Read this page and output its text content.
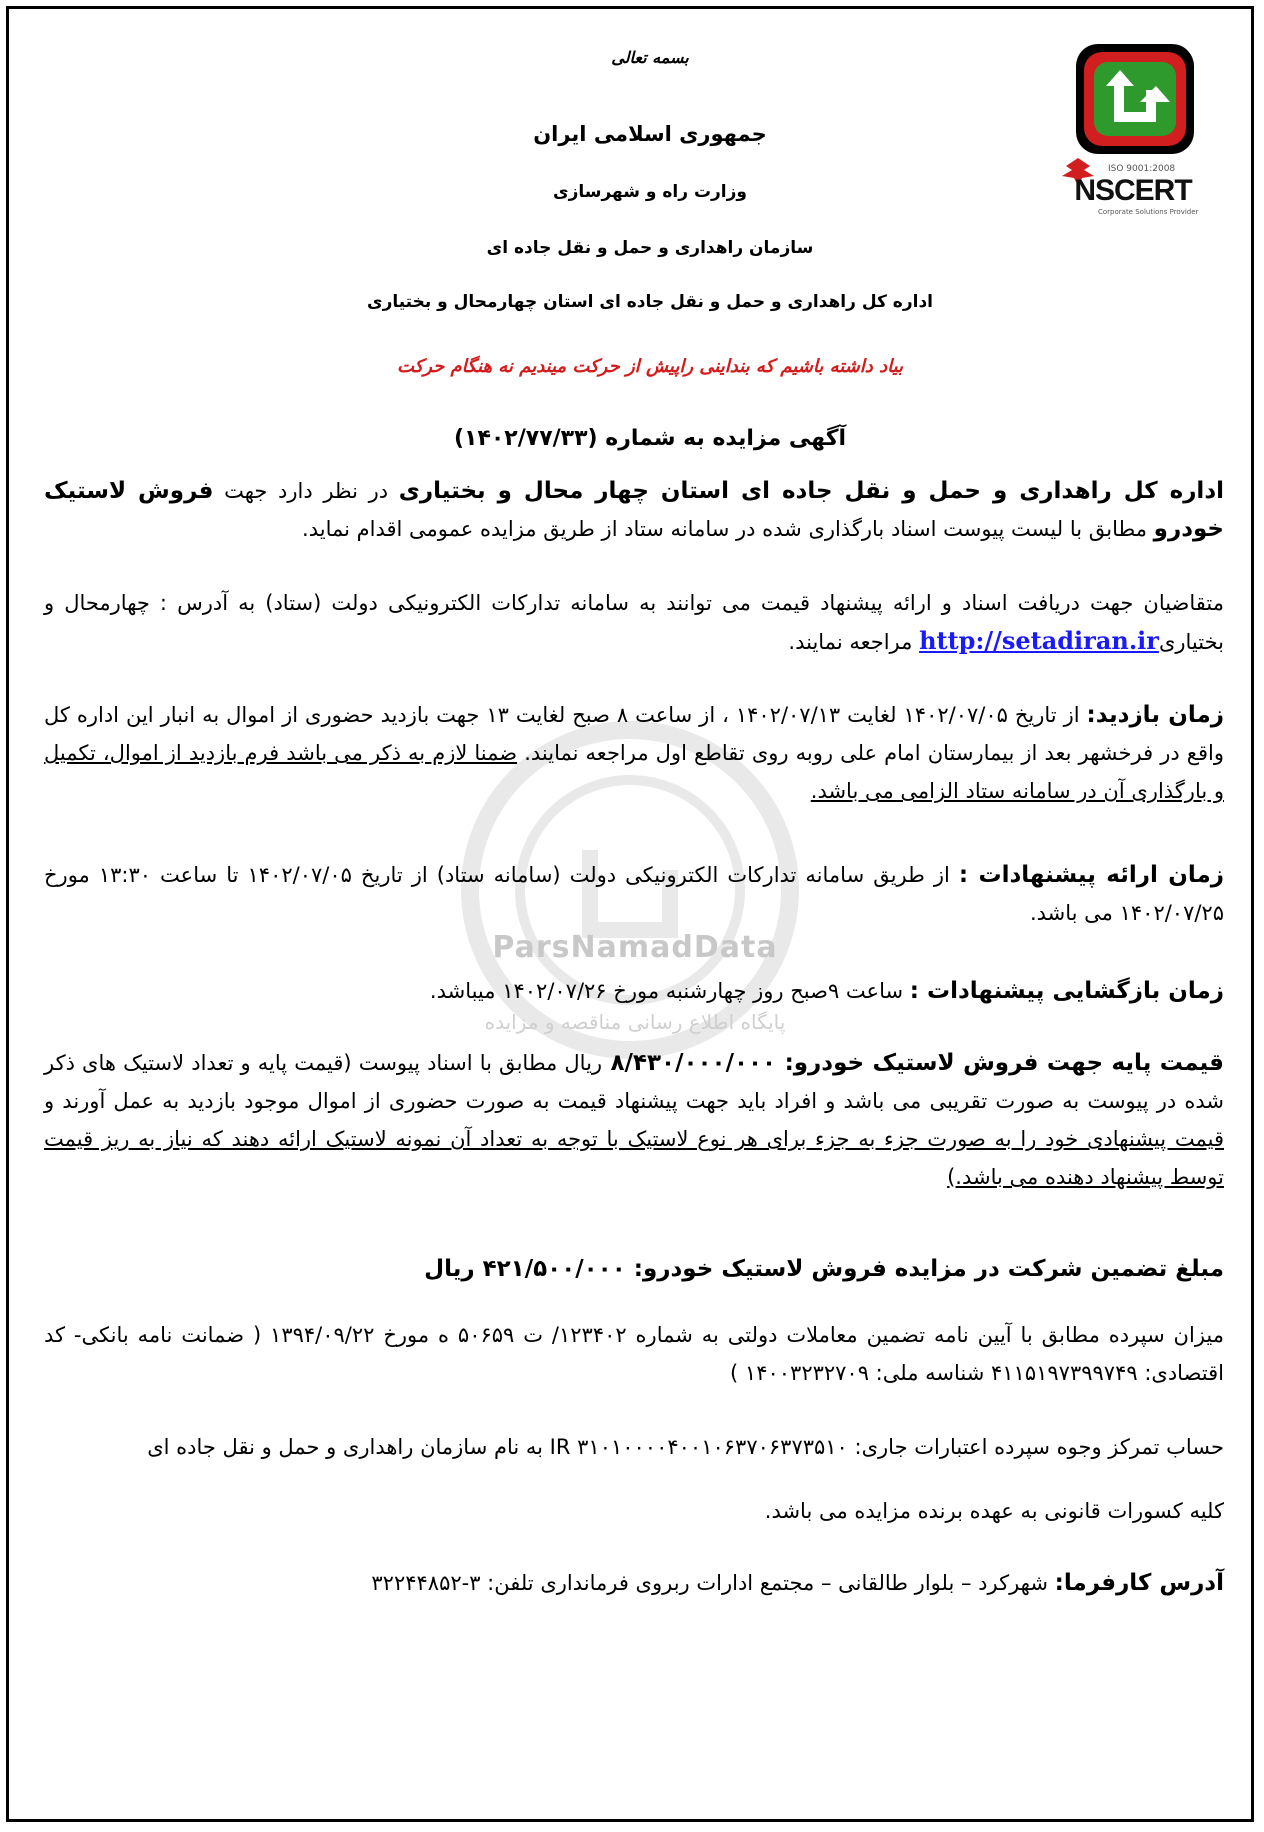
ISO 9001:2008
NSCERT
Corporate Solutions Provider
ParsNamadData
پایگاه اطلاع رسانی مناقصه و مزایده
بسمه تعالی
جمهوری اسلامی ایران
وزارت راه و شهرسازی
سازمان راهداری و حمل و نقل جاده ای
اداره کل راهداری و حمل و نقل جاده ای استان چهارمحال و بختیاری
بیاد داشته باشیم که بنداینی راپیش از حرکت میندیم نه هنگام حرکت
آگهی مزایده به شماره (۱۴۰۲/۷۷/۳۳)
اداره کل راهداری و حمل و نقل جاده ای استان چهار محال و بختیاری در نظر دارد جهت فروش لاستیک خودرو مطابق با لیست پیوست اسناد بارگذاری شده در سامانه ستاد از طریق مزایده عمومی اقدام نماید.
متقاضیان جهت دریافت اسناد و ارائه پیشنهاد قیمت می توانند به سامانه تدارکات الکترونیکی دولت (ستاد) به آدرس : چهارمحال و بختیاریhttp://setadiran.ir مراجعه نمایند.
زمان بازدید: از تاریخ ۱۴۰۲/۰۷/۰۵ لغایت ۱۴۰۲/۰۷/۱۳ ، از ساعت ۸ صبح لغایت ۱۳ جهت بازدید حضوری از اموال به انبار این اداره کل واقع در فرخشهر بعد از بیمارستان امام علی روبه روی تقاطع اول مراجعه نمایند. ضمنا لازم به ذکر می باشد فرم بازدید از اموال، تکمیل و بارگذاری آن در سامانه ستاد الزامی می باشد.
زمان ارائه پیشنهادات : از طریق سامانه تدارکات الکترونیکی دولت (سامانه ستاد) از تاریخ ۱۴۰۲/۰۷/۰۵ تا ساعت ۱۳:۳۰ مورخ ۱۴۰۲/۰۷/۲۵ می باشد.
زمان بازگشایی پیشنهادات : ساعت ۹صبح روز چهارشنبه مورخ ۱۴۰۲/۰۷/۲۶ میباشد.
قیمت پایه جهت فروش لاستیک خودرو: ۸/۴۳۰/۰۰۰/۰۰۰ ریال مطابق با اسناد پیوست (قیمت پایه و تعداد لاستیک های ذکر شده در پیوست به صورت تقریبی می باشد و افراد باید جهت پیشنهاد قیمت به صورت حضوری از اموال موجود بازدید به عمل آورند و قیمت پیشنهادی خود را به صورت جزء به جزء برای هر نوع لاستیک با توجه به تعداد آن نمونه لاستیک ارائه دهند که نیاز به ریز قیمت توسط پیشنهاد دهنده می باشد.)
مبلغ تضمین شرکت در مزایده فروش لاستیک خودرو: ۴۲۱/۵۰۰/۰۰۰ ریال
میزان سپرده مطابق با آیین نامه تضمین معاملات دولتی به شماره ۱۲۳۴۰۲/ ت ۵۰۶۵۹ ه مورخ ۱۳۹۴/۰۹/۲۲ ( ضمانت نامه بانکی- کد اقتصادی: ۴۱۱۵۱۹۷۳۹۹۷۴۹ شناسه ملی: ۱۴۰۰۳۲۳۲۷۰۹ )
حساب تمرکز وجوه سپرده اعتبارات جاری: IR ۳۱۰۱۰۰۰۰۴۰۰۱۰۶۳۷۰۶۳۷۳۵۱۰ به نام سازمان راهداری و حمل و نقل جاده ای
کلیه کسورات قانونی به عهده برنده مزایده می باشد.
آدرس کارفرما: شهرکرد – بلوار طالقانی – مجتمع ادارات ربروی فرمانداری تلفن: ۳-۳۲۲۴۴۸۵۲
